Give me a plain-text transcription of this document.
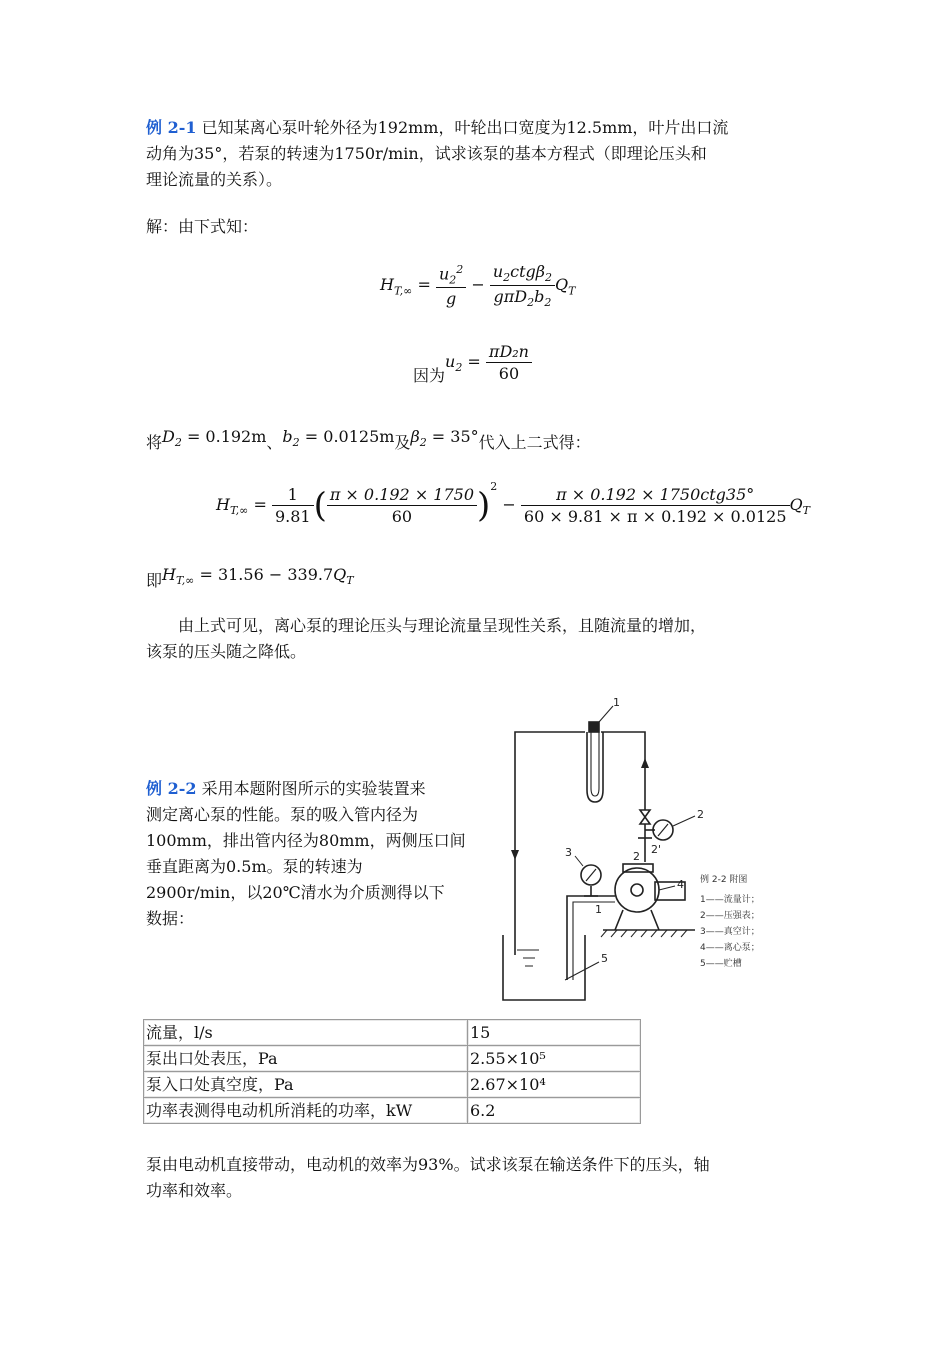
例 2-1 已知某离心泵叶轮外径为192mm，叶轮出口宽度为12.5mm，叶片出口流
动角为35°，若泵的转速为1750r/min，试求该泵的基本方程式（即理论压头和
理论流量的关系）。
解：由下式知：
$H_{T,\infty} = \frac{u_2^2}{g} - \frac{u_2ctg\beta_2}{g\pi D_2b_2} Q_T$
因为$u_2 = \frac{\text{πD₂n}}{60}$
将$D_2 = 0.192m$、$b_2 = 0.0125m$及$\beta_2 = 35^\circ$代入上二式得：
$H_{T,\infty} = \frac{1}{9.81}$ ( $\frac{\pi \times 0.192 \times 1750}{60} )^2 - \frac{\text{π × 0.192 × 1750ctg35°}}{60 \times 9.81 \times \pi \times 0.192 \times 0.0125} Q_T$
即$H_{T,\infty} = 31.56 - 339.7Q_T$
由上式可见，离心泵的理论压头与理论流量呈现性关系，且随流量的增加，
该泵的压头随之降低。
例 2-2 采用本题附图所示的实验装置来
测定离心泵的性能。泵的吸入管内径为
100mm，排出管内径为80mm，两侧压口间
垂直距离为0.5m。泵的转速为
2900r/min，以20℃清水为介质测得以下
数据：
1
2
2'
3
4
5
2
1
例 2-2 附图
1——流量计；
2——压强表；
3——真空计；
4——离心泵；
5——贮槽
流量，l/s	15
泵出口处表压，Pa	2.55×10⁵
泵入口处真空度，Pa	2.67×10⁴
功率表测得电动机所消耗的功率，kW	6.2
泵由电动机直接带动，电动机的效率为93%。试求该泵在输送条件下的压头，轴
功率和效率。
